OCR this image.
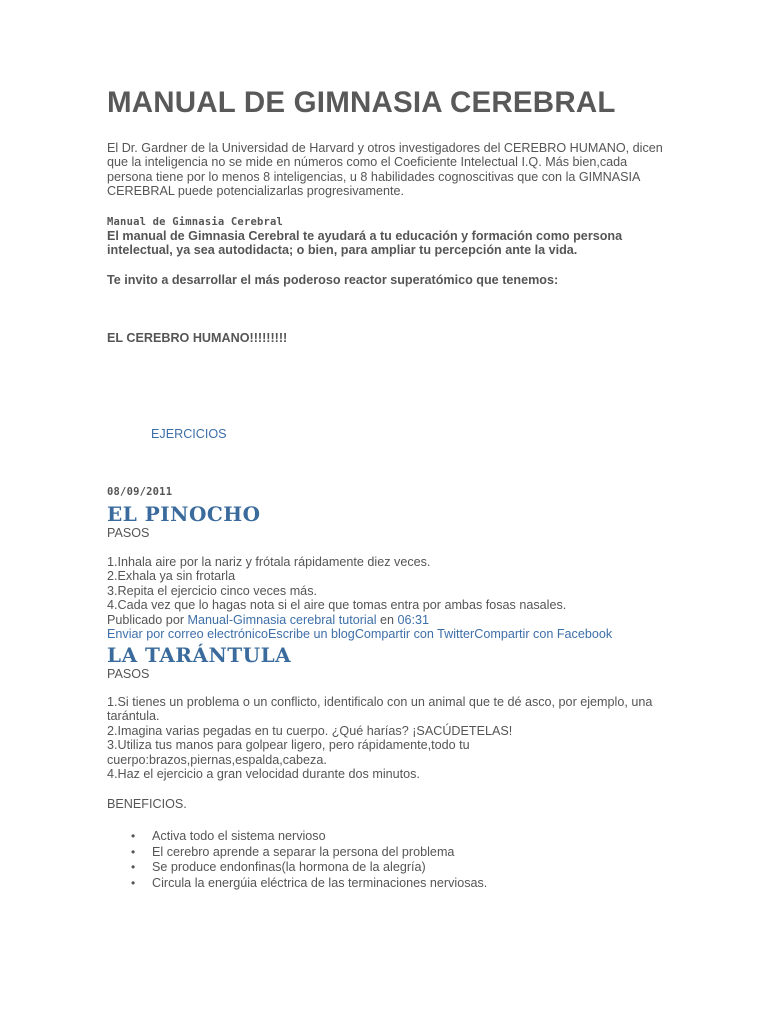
MANUAL DE GIMNASIA CEREBRAL
El Dr. Gardner de la Universidad de Harvard y otros investigadores del CEREBRO HUMANO, dicen
que la inteligencia no se mide en números como el Coeficiente Intelectual I.Q. Más bien,cada
persona tiene por lo menos 8 inteligencias, u 8 habilidades cognoscitivas que con la GIMNASIA
CEREBRAL puede potencializarlas progresivamente.
Manual de Gimnasia Cerebral
El manual de Gimnasia Cerebral te ayudará a tu educación y formación como persona
intelectual, ya sea autodidacta; o bien, para ampliar tu percepción ante la vida.
Te invito a desarrollar el más poderoso reactor superatómico que tenemos:
EL CEREBRO HUMANO!!!!!!!!!
EJERCICIOS
08/09/2011
EL PINOCHO
PASOS
1.Inhala aire por la nariz y frótala rápidamente diez veces.
2.Exhala ya sin frotarla
3.Repita el ejercicio cinco veces más.
4.Cada vez que lo hagas nota si el aire que tomas entra por ambas fosas nasales.
Publicado por Manual-Gimnasia cerebral tutorial en 06:31
Enviar por correo electrónicoEscribe un blogCompartir con TwitterCompartir con Facebook
LA TARÁNTULA
PASOS
1.Si tienes un problema o un conflicto, identificalo con un animal que te dé asco, por ejemplo, una
tarántula.
2.Imagina varias pegadas en tu cuerpo. ¿Qué harías? ¡SACÚDETELAS!
3.Utiliza tus manos para golpear ligero, pero rápidamente,todo tu
cuerpo:brazos,piernas,espalda,cabeza.
4.Haz el ejercicio a gran velocidad durante dos minutos.
BENEFICIOS.
• Activa todo el sistema nervioso
• El cerebro aprende a separar la persona del problema
• Se produce endonfinas(la hormona de la alegría)
• Circula la energúia eléctrica de las terminaciones nerviosas.
